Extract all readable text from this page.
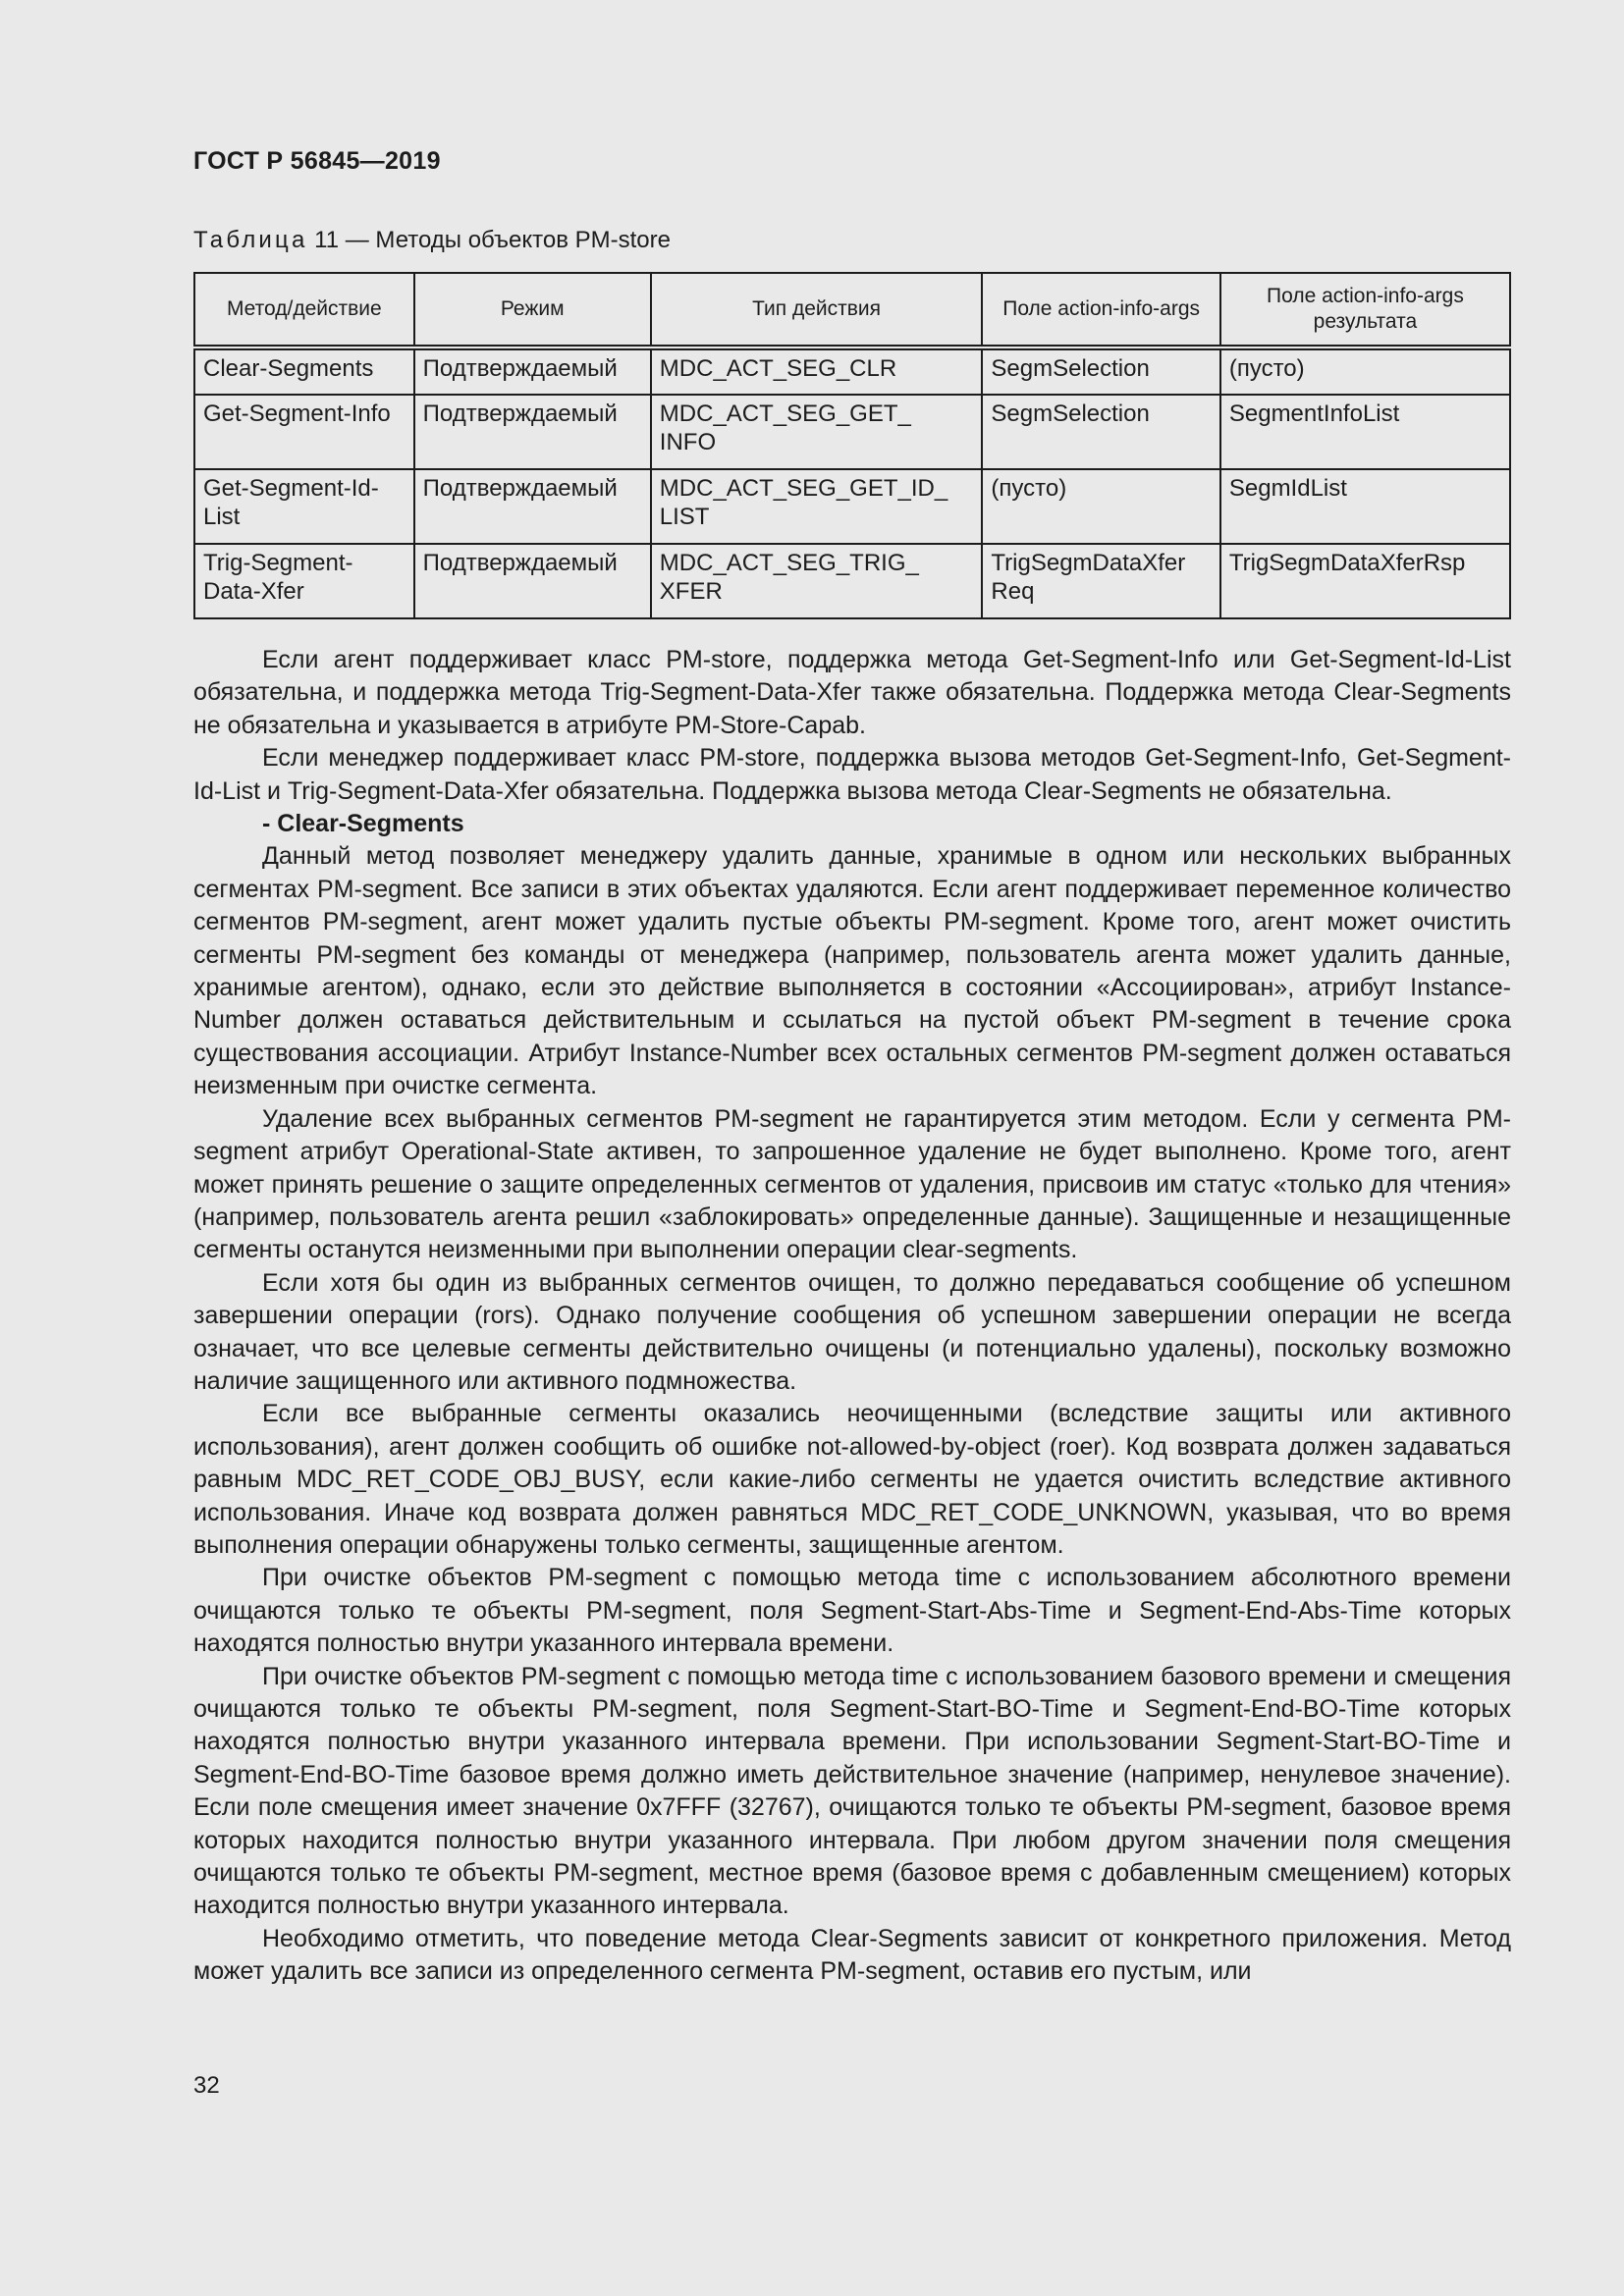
ГОСТ Р 56845—2019
Таблица 11 — Методы объектов PM-store
Метод/действие	Режим	Тип действия	Поле action-info-args	Поле action-info-args результата
Clear-Segments	Подтверждаемый	MDC_ACT_SEG_CLR	SegmSelection	(пусто)
Get-Segment-Info	Подтверждаемый	MDC_ACT_SEG_GET_ INFO	SegmSelection	SegmentInfoList
Get-Segment-Id-List	Подтверждаемый	MDC_ACT_SEG_GET_ID_ LIST	(пусто)	SegmIdList
Trig-Segment-Data-Xfer	Подтверждаемый	MDC_ACT_SEG_TRIG_ XFER	TrigSegmDataXfer Req	TrigSegmDataXferRsp

Если агент поддерживает класс PM-store, поддержка метода Get-Segment-Info или Get-Segment-Id-List обязательна, и поддержка метода Trig-Segment-Data-Xfer также обязательна. Поддержка метода Clear-Segments не обязательна и указывается в атрибуте PM-Store-Capab.

Если менеджер поддерживает класс PM-store, поддержка вызова методов Get-Segment-Info, Get-Segment-Id-List и Trig-Segment-Data-Xfer обязательна. Поддержка вызова метода Clear-Segments не обязательна.

- Clear-Segments

Данный метод позволяет менеджеру удалить данные, хранимые в одном или нескольких выбранных сегментах PM-segment. Все записи в этих объектах удаляются. Если агент поддерживает переменное количество сегментов PM-segment, агент может удалить пустые объекты PM-segment. Кроме того, агент может очистить сегменты PM-segment без команды от менеджера (например, пользователь агента может удалить данные, хранимые агентом), однако, если это действие выполняется в состоянии «Ассоциирован», атрибут Instance-Number должен оставаться действительным и ссылаться на пустой объект PM-segment в течение срока существования ассоциации. Атрибут Instance-Number всех остальных сегментов PM-segment должен оставаться неизменным при очистке сегмента.

Удаление всех выбранных сегментов PM-segment не гарантируется этим методом. Если у сегмента PM-segment атрибут Operational-State активен, то запрошенное удаление не будет выполнено. Кроме того, агент может принять решение о защите определенных сегментов от удаления, присвоив им статус «только для чтения» (например, пользователь агента решил «заблокировать» определенные данные). Защищенные и незащищенные сегменты останутся неизменными при выполнении операции clear-segments.

Если хотя бы один из выбранных сегментов очищен, то должно передаваться сообщение об успешном завершении операции (rors). Однако получение сообщения об успешном завершении операции не всегда означает, что все целевые сегменты действительно очищены (и потенциально удалены), поскольку возможно наличие защищенного или активного подмножества.

Если все выбранные сегменты оказались неочищенными (вследствие защиты или активного использования), агент должен сообщить об ошибке not-allowed-by-object (roer). Код возврата должен задаваться равным MDC_RET_CODE_OBJ_BUSY, если какие-либо сегменты не удается очистить вследствие активного использования. Иначе код возврата должен равняться MDC_RET_CODE_UNKNOWN, указывая, что во время выполнения операции обнаружены только сегменты, защищенные агентом.

При очистке объектов PM-segment с помощью метода time с использованием абсолютного времени очищаются только те объекты PM-segment, поля Segment-Start-Abs-Time и Segment-End-Abs-Time которых находятся полностью внутри указанного интервала времени.

При очистке объектов PM-segment с помощью метода time с использованием базового времени и смещения очищаются только те объекты PM-segment, поля Segment-Start-BO-Time и Segment-End-BO-Time которых находятся полностью внутри указанного интервала времени. При использовании Segment-Start-BO-Time и Segment-End-BO-Time базовое время должно иметь действительное значение (например, ненулевое значение). Если поле смещения имеет значение 0x7FFF (32767), очищаются только те объекты PM-segment, базовое время которых находится полностью внутри указанного интервала. При любом другом значении поля смещения очищаются только те объекты PM-segment, местное время (базовое время с добавленным смещением) которых находится полностью внутри указанного интервала.

Необходимо отметить, что поведение метода Clear-Segments зависит от конкретного приложения. Метод может удалить все записи из определенного сегмента PM-segment, оставив его пустым, или

32
